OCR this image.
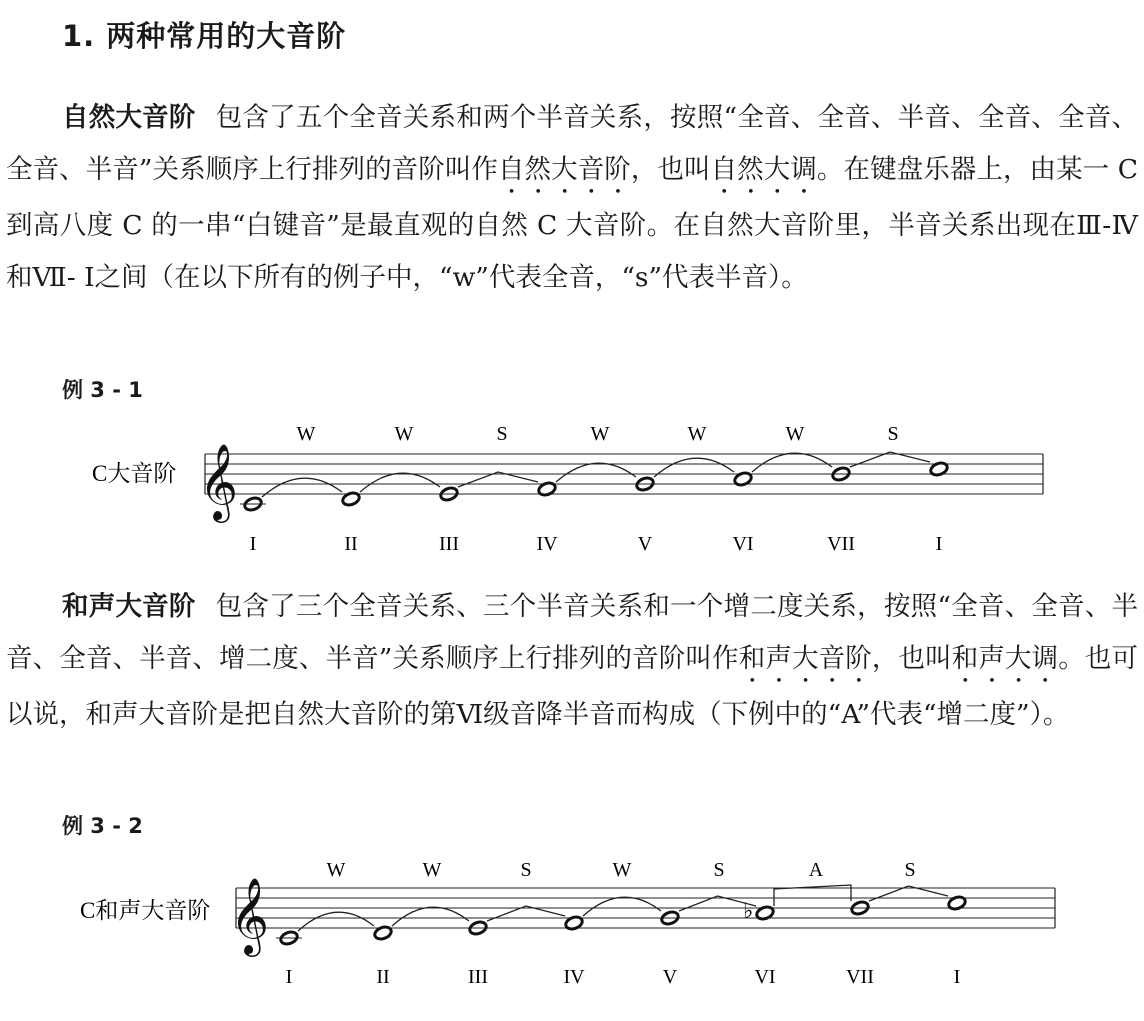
1. 两种常用的大音阶
自然大音阶 包含了五个全音关系和两个半音关系，按照“全音、全音、半音、全音、全音、全音、半音”关系顺序上行排列的音阶叫作自然大音阶，也叫自然大调。在键盘乐器上，由某一 C 到高八度 C 的一串“白键音”是最直观的自然 C 大音阶。在自然大音阶里，半音关系出现在Ⅲ-Ⅳ和Ⅶ- Ⅰ之间（在以下所有的例子中，“w”代表全音，“s”代表半音）。
例 3 - 1
C大音阶 𝄞
W	W	S	W	W	W	S
I	II	III	IV	V	VI	VII	I
和声大音阶 包含了三个全音关系、三个半音关系和一个增二度关系，按照“全音、全音、半音、全音、半音、增二度、半音”关系顺序上行排列的音阶叫作和声大音阶，也叫和声大调。也可以说，和声大音阶是把自然大音阶的第Ⅵ级音降半音而构成（下例中的“A”代表“增二度”）。
例 3 - 2
C和声大音阶 𝄞	♭
W	W	S	W	S	A	S
I	II	III	IV	V	VI	VII	I
